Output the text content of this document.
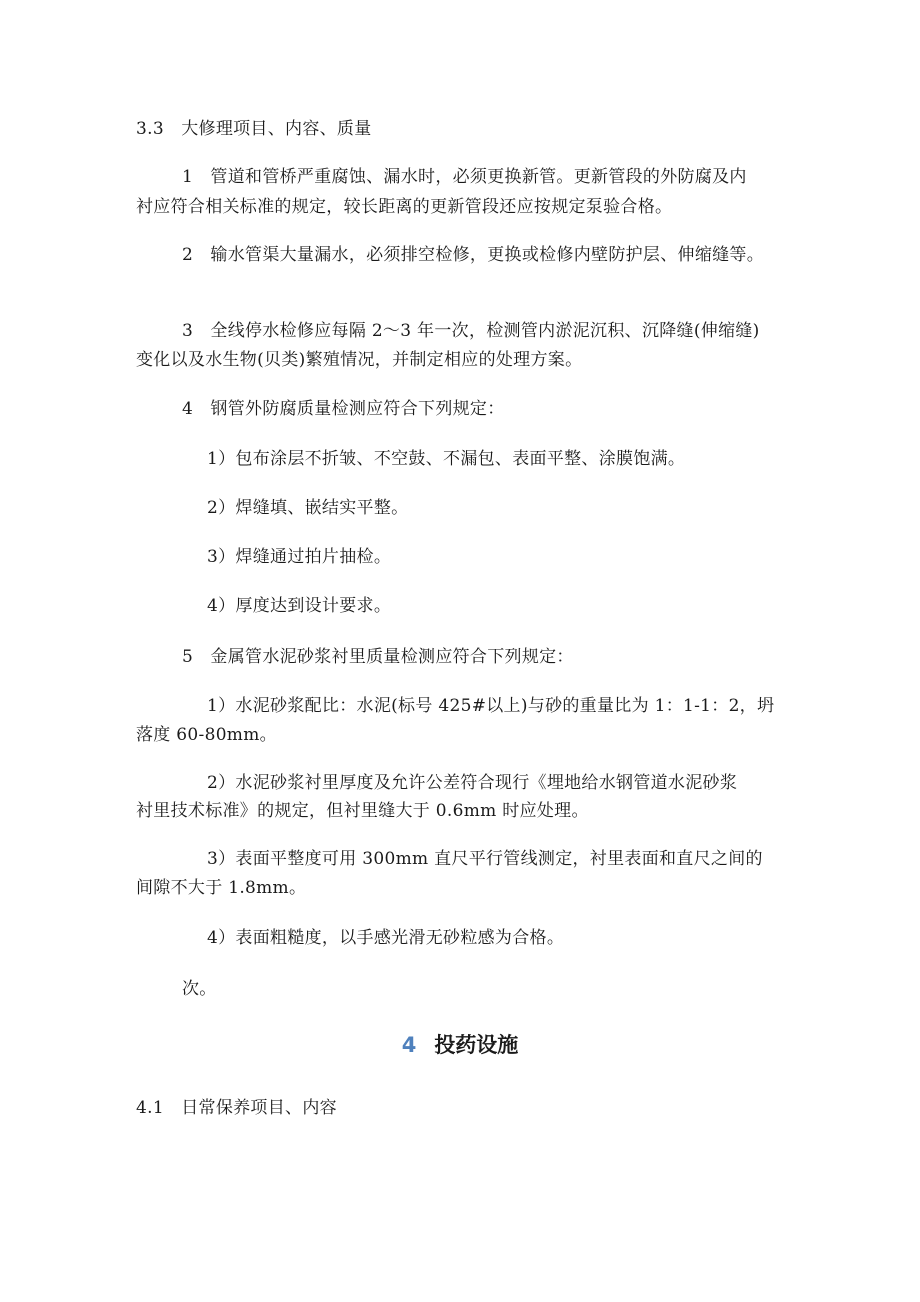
3.3　大修理项目、内容、质量
1　管道和管桥严重腐蚀、漏水时，必须更换新管。更新管段的外防腐及内
衬应符合相关标准的规定，较长距离的更新管段还应按规定泵验合格。
2　输水管渠大量漏水，必须排空检修，更换或检修内壁防护层、伸缩缝等。
3　全线停水检修应每隔 2～3 年一次，检测管内淤泥沉积、沉降缝(伸缩缝)
变化以及水生物(贝类)繁殖情况，并制定相应的处理方案。
4　钢管外防腐质量检测应符合下列规定：
1）包布涂层不折皱、不空鼓、不漏包、表面平整、涂膜饱满。
2）焊缝填、嵌结实平整。
3）焊缝通过拍片抽检。
4）厚度达到设计要求。
5　金属管水泥砂浆衬里质量检测应符合下列规定：
1）水泥砂浆配比：水泥(标号 425#以上)与砂的重量比为 1：1-1：2，坍
落度 60-80mm。
2）水泥砂浆衬里厚度及允许公差符合现行《埋地给水钢管道水泥砂浆
衬里技术标准》的规定，但衬里缝大于 0.6mm 时应处理。
3）表面平整度可用 300mm 直尺平行管线测定，衬里表面和直尺之间的
间隙不大于 1.8mm。
4）表面粗糙度，以手感光滑无砂粒感为合格。
次。
4 投药设施
4.1　日常保养项目、内容
